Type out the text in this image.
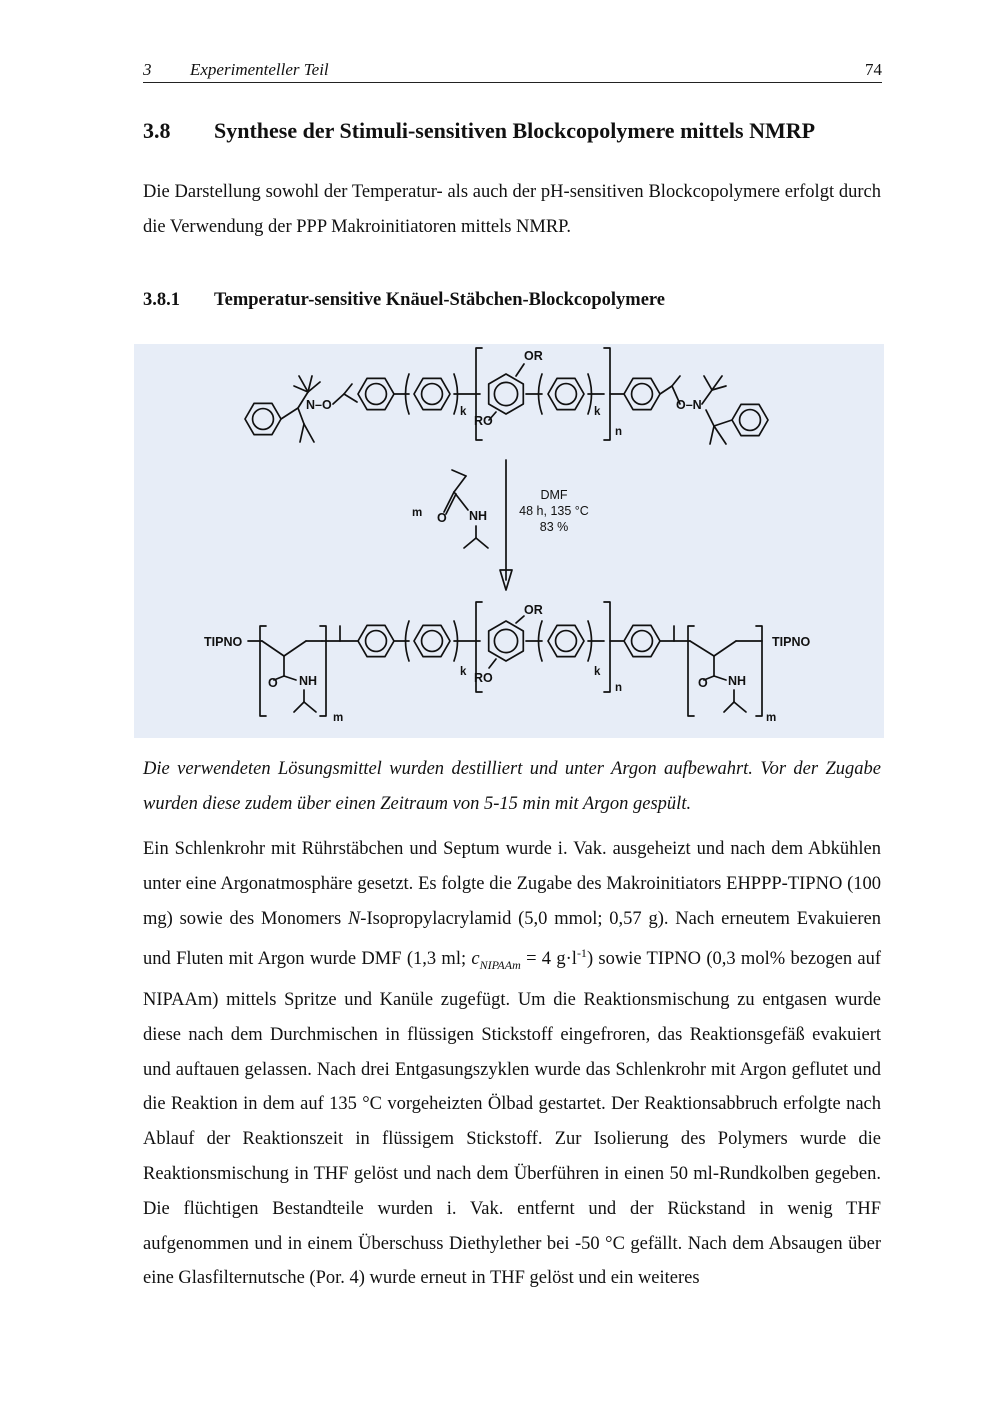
3 Experimenteller Teil	74
3.8 Synthese der Stimuli-sensitiven Blockcopolymere mittels NMRP
Die Darstellung sowohl der Temperatur- als auch der pH-sensitiven Blockcopolymere erfolgt durch die Verwendung der PPP Makroinitiatoren mittels NMRP.
3.8.1 Temperatur-sensitive Knäuel-Stäbchen-Blockcopolymere
N–O	k
OR
RO
k
n
O–N
m O NH
DMF
48 h, 135 °C
83 %
TIPNO
O NH
m
k
OR
RO	k
n
TIPNO
O NH
m
Die verwendeten Lösungsmittel wurden destilliert und unter Argon aufbewahrt. Vor der Zugabe wurden diese zudem über einen Zeitraum von 5-15 min mit Argon gespült.
Ein Schlenkrohr mit Rührstäbchen und Septum wurde i. Vak. ausgeheizt und nach dem Abkühlen unter eine Argonatmosphäre gesetzt. Es folgte die Zugabe des Makroinitiators EHPPP-TIPNO (100 mg) sowie des Monomers N-Isopropylacrylamid (5,0 mmol; 0,57 g). Nach erneutem Evakuieren und Fluten mit Argon wurde DMF (1,3 ml; $c_{NIPAAm} = 4$ $g\cdot l^{-1}$) sowie TIPNO (0,3 mol% bezogen auf NIPAAm) mittels Spritze und Kanüle zugefügt. Um die Reaktionsmischung zu entgasen wurde diese nach dem Durchmischen in flüssigen Stickstoff eingefroren, das Reaktionsgefäß evakuiert und auftauen gelassen. Nach drei Entgasungszyklen wurde das Schlenkrohr mit Argon geflutet und die Reaktion in dem auf 135 °C vorgeheizten Ölbad gestartet. Der Reaktionsabbruch erfolgte nach Ablauf der Reaktionszeit in flüssigem Stickstoff. Zur Isolierung des Polymers wurde die Reaktionsmischung in THF gelöst und nach dem Überführen in einen 50 ml-Rundkolben gegeben. Die flüchtigen Bestandteile wurden i. Vak. entfernt und der Rückstand in wenig THF aufgenommen und in einem Überschuss Diethylether bei -50 °C gefällt. Nach dem Absaugen über eine Glasfilternutsche (Por. 4) wurde erneut in THF gelöst und ein weiteres
